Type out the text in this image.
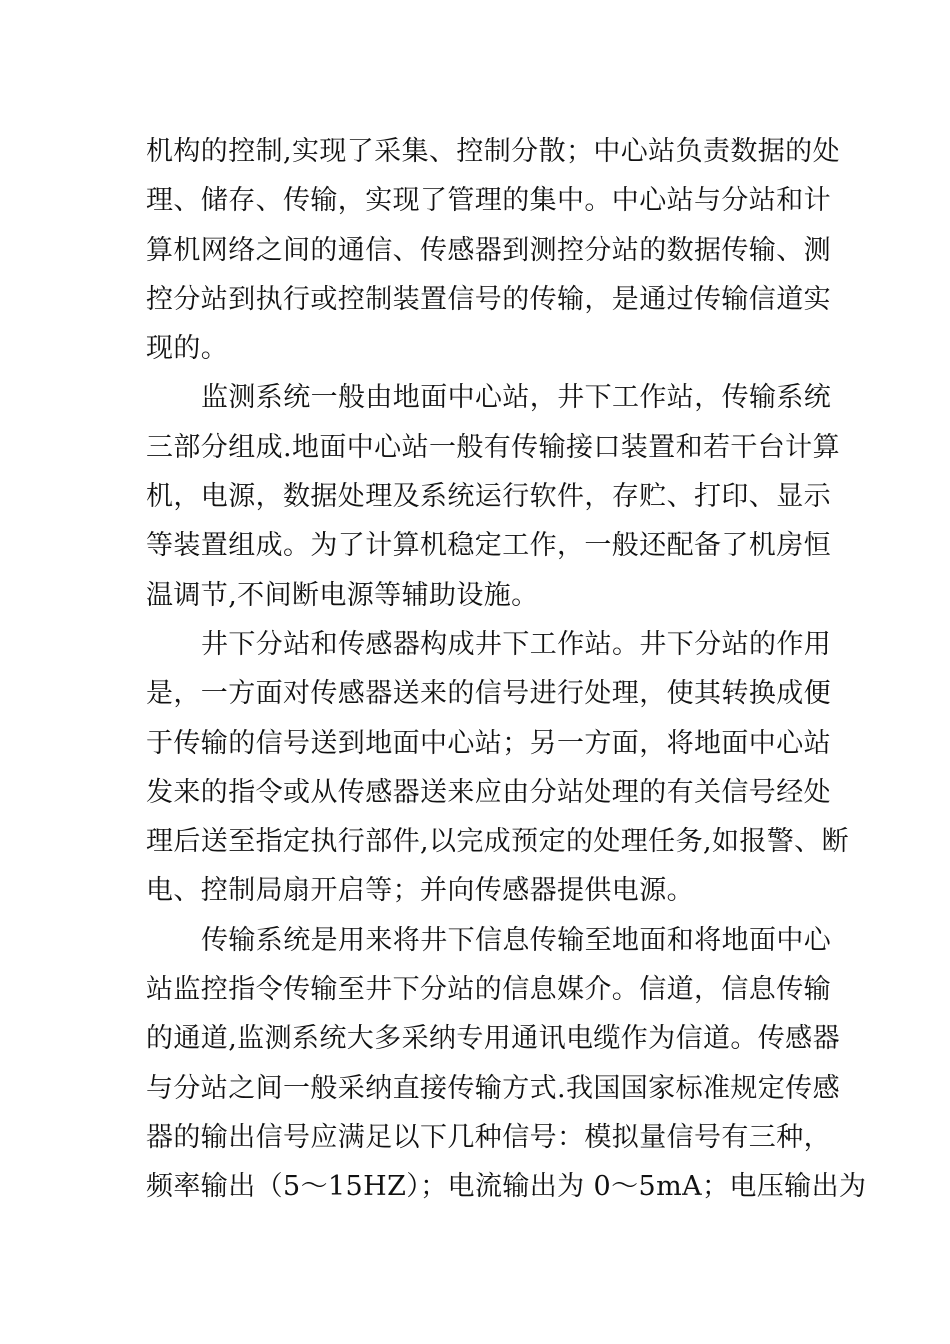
机构的控制,实现了采集、控制分散；中心站负责数据的处
理、储存、传输，实现了管理的集中。中心站与分站和计
算机网络之间的通信、传感器到测控分站的数据传输、测
控分站到执行或控制装置信号的传输，是通过传输信道实
现的。
监测系统一般由地面中心站，井下工作站，传输系统
三部分组成.地面中心站一般有传输接口装置和若干台计算
机，电源，数据处理及系统运行软件，存贮、打印、显示
等装置组成。为了计算机稳定工作，一般还配备了机房恒
温调节,不间断电源等辅助设施。
井下分站和传感器构成井下工作站。井下分站的作用
是，一方面对传感器送来的信号进行处理，使其转换成便
于传输的信号送到地面中心站；另一方面，将地面中心站
发来的指令或从传感器送来应由分站处理的有关信号经处
理后送至指定执行部件,以完成预定的处理任务,如报警、断
电、控制局扇开启等；并向传感器提供电源。
传输系统是用来将井下信息传输至地面和将地面中心
站监控指令传输至井下分站的信息媒介。信道，信息传输
的通道,监测系统大多采纳专用通讯电缆作为信道。传感器
与分站之间一般采纳直接传输方式.我国国家标准规定传感
器的输出信号应满足以下几种信号：模拟量信号有三种，
频率输出（5～15HZ）；电流输出为 0～5mA；电压输出为
